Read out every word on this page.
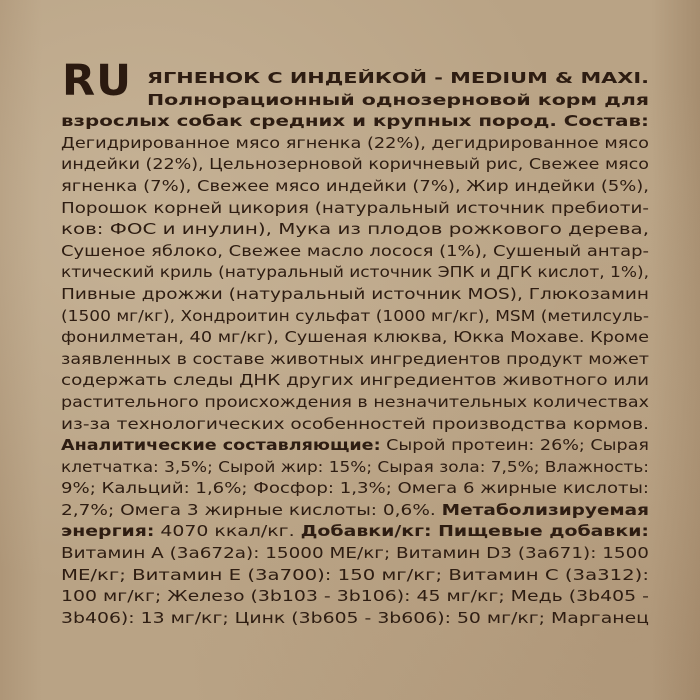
RU ЯГНЕНОК С ИНДЕЙКОЙ - MEDIUM & MAXI.
Полнорационный однозерновой корм для
взрослых собак средних и крупных пород. Состав:
Дегидрированное мясо ягненка (22%), дегидрированное мясо
индейки (22%), Цельнозерновой коричневый рис, Свежее мясо
ягненка (7%), Свежее мясо индейки (7%), Жир индейки (5%),
Порошок корней цикория (натуральный источник пребиоти-
ков: ФОС и инулин), Мука из плодов рожкового дерева,
Сушеное яблоко, Свежее масло лосося (1%), Сушеный антар-
ктический криль (натуральный источник ЭПК и ДГК кислот, 1%),
Пивные дрожжи (натуральный источник MOS), Глюкозамин
(1500 мг/кг), Хондроитин сульфат (1000 мг/кг), MSM (метилсуль-
фонилметан, 40 мг/кг), Сушеная клюква, Юкка Мохаве. Кроме
заявленных в составе животных ингредиентов продукт может
содержать следы ДНК других ингредиентов животного или
растительного происхождения в незначительных количествах
из-за технологических особенностей производства кормов.
Аналитические составляющие: Сырой протеин: 26%; Сырая
клетчатка: 3,5%; Сырой жир: 15%; Сырая зола: 7,5%; Влажность:
9%; Кальций: 1,6%; Фосфор: 1,3%; Омега 6 жирные кислоты:
2,7%; Омега 3 жирные кислоты: 0,6%. Метаболизируемая
энергия: 4070 ккал/кг. Добавки/кг: Пищевые добавки:
Витамин А (3а672а): 15000 МЕ/кг; Витамин D3 (3а671): 1500
МЕ/кг; Витамин Е (3а700): 150 мг/кг; Витамин С (3а312):
100 мг/кг; Железо (3b103 - 3b106): 45 мг/кг; Медь (3b405 -
3b406): 13 мг/кг; Цинк (3b605 - 3b606): 50 мг/кг; Марганец
